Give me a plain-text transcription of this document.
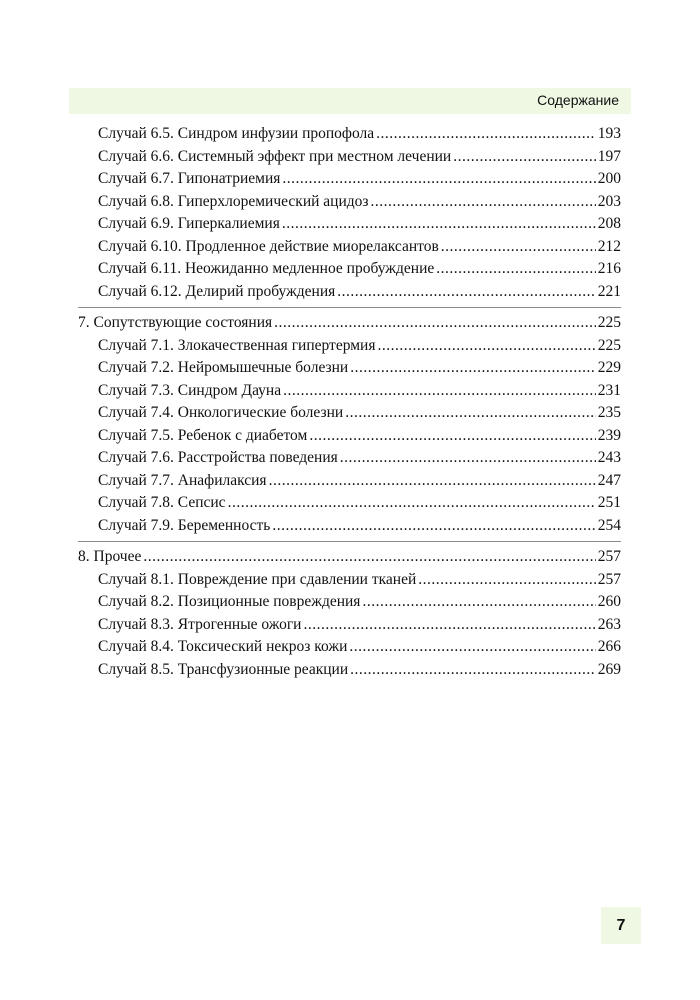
Содержание
Случай 6.5. Синдром инфузии пропофола .....	193
Случай 6.6. Системный эффект при местном лечении .....	197
Случай 6.7. Гипонатриемия .....	200
Случай 6.8. Гиперхлоремический ацидоз .....	203
Случай 6.9. Гиперкалиемия .....	208
Случай 6.10. Продленное действие миорелаксантов .....	212
Случай 6.11. Неожиданно медленное пробуждение .....	216
Случай 6.12. Делирий пробуждения .....	221
7. Сопутствующие состояния .....	225
Случай 7.1. Злокачественная гипертермия .....	225
Случай 7.2. Нейромышечные болезни .....	229
Случай 7.3. Синдром Дауна .....	231
Случай 7.4. Онкологические болезни .....	235
Случай 7.5. Ребенок с диабетом .....	239
Случай 7.6. Расстройства поведения .....	243
Случай 7.7. Анафилаксия .....	247
Случай 7.8. Сепсис .....	251
Случай 7.9. Беременность .....	254
8. Прочее .....	257
Случай 8.1. Повреждение при сдавлении тканей .....	257
Случай 8.2. Позиционные повреждения .....	260
Случай 8.3. Ятрогенные ожоги .....	263
Случай 8.4. Токсический некроз кожи .....	266
Случай 8.5. Трансфузионные реакции .....	269
7
